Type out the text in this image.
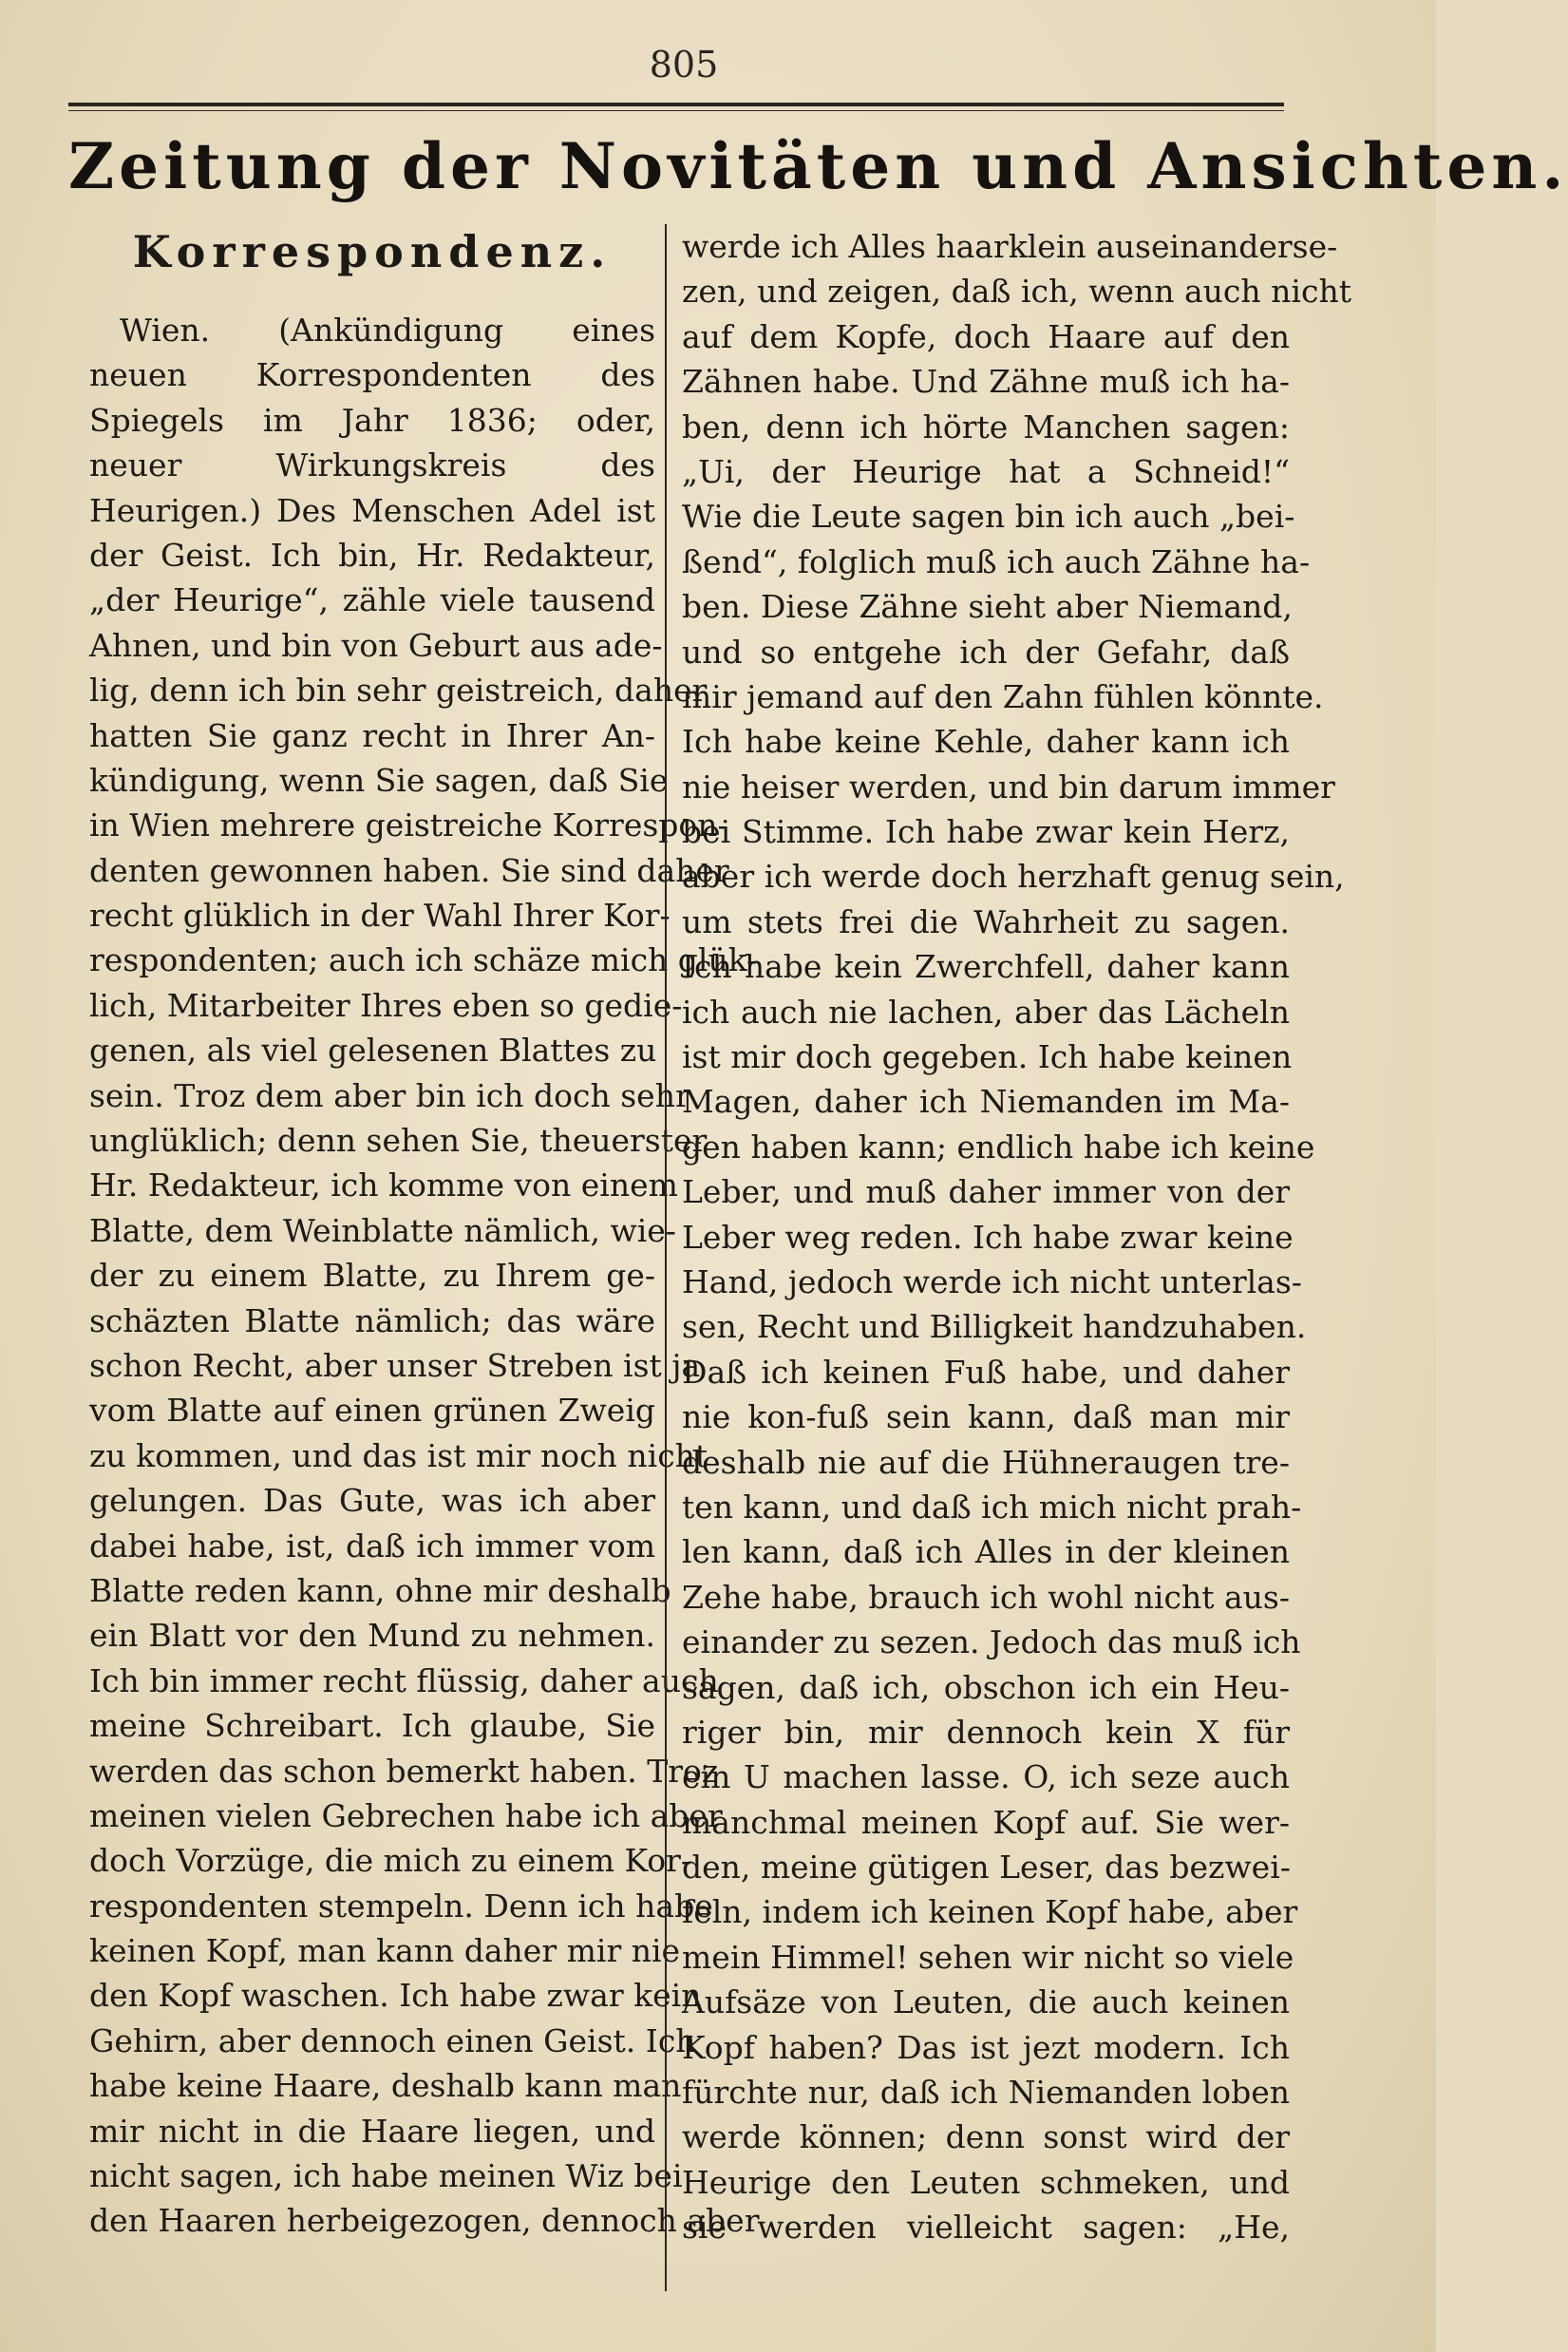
805
Zeitung der Novitäten und Ansichten.
Korrespondenz.
Wien. (Ankündigung eines
neuen Korrespondenten des
Spiegels im Jahr 1836; oder,
neuer Wirkungskreis des
Heurigen.) Des Menschen Adel ist
der Geist. Ich bin, Hr. Redakteur,
„der Heurige“, zähle viele tausend
Ahnen, und bin von Geburt aus ade-
lig, denn ich bin sehr geistreich, daher
hatten Sie ganz recht in Ihrer An-
kündigung, wenn Sie sagen, daß Sie
in Wien mehrere geistreiche Korrespon-
denten gewonnen haben. Sie sind daher
recht glüklich in der Wahl Ihrer Kor-
respondenten; auch ich schäze mich glük-
lich, Mitarbeiter Ihres eben so gedie-
genen, als viel gelesenen Blattes zu
sein. Troz dem aber bin ich doch sehr
unglüklich; denn sehen Sie, theuerster
Hr. Redakteur, ich komme von einem
Blatte, dem Weinblatte nämlich, wie-
der zu einem Blatte, zu Ihrem ge-
schäzten Blatte nämlich; das wäre
schon Recht, aber unser Streben ist ja
vom Blatte auf einen grünen Zweig
zu kommen, und das ist mir noch nicht
gelungen. Das Gute, was ich aber
dabei habe, ist, daß ich immer vom
Blatte reden kann, ohne mir deshalb
ein Blatt vor den Mund zu nehmen.
Ich bin immer recht flüssig, daher auch
meine Schreibart. Ich glaube, Sie
werden das schon bemerkt haben. Troz
meinen vielen Gebrechen habe ich aber
doch Vorzüge, die mich zu einem Kor-
respondenten stempeln. Denn ich habe
keinen Kopf, man kann daher mir nie
den Kopf waschen. Ich habe zwar kein
Gehirn, aber dennoch einen Geist. Ich
habe keine Haare, deshalb kann man
mir nicht in die Haare liegen, und
nicht sagen, ich habe meinen Wiz bei
den Haaren herbeigezogen, dennoch aber
werde ich Alles haarklein auseinanderse-
zen, und zeigen, daß ich, wenn auch nicht
auf dem Kopfe, doch Haare auf den
Zähnen habe. Und Zähne muß ich ha-
ben, denn ich hörte Manchen sagen:
„Ui, der Heurige hat a Schneid!“
Wie die Leute sagen bin ich auch „bei-
ßend“, folglich muß ich auch Zähne ha-
ben. Diese Zähne sieht aber Niemand,
und so entgehe ich der Gefahr, daß
mir jemand auf den Zahn fühlen könnte.
Ich habe keine Kehle, daher kann ich
nie heiser werden, und bin darum immer
bei Stimme. Ich habe zwar kein Herz,
aber ich werde doch herzhaft genug sein,
um stets frei die Wahrheit zu sagen.
Ich habe kein Zwerchfell, daher kann
ich auch nie lachen, aber das Lächeln
ist mir doch gegeben. Ich habe keinen
Magen, daher ich Niemanden im Ma-
gen haben kann; endlich habe ich keine
Leber, und muß daher immer von der
Leber weg reden. Ich habe zwar keine
Hand, jedoch werde ich nicht unterlas-
sen, Recht und Billigkeit handzuhaben.
Daß ich keinen Fuß habe, und daher
nie kon-fuß sein kann, daß man mir
deshalb nie auf die Hühneraugen tre-
ten kann, und daß ich mich nicht prah-
len kann, daß ich Alles in der kleinen
Zehe habe, brauch ich wohl nicht aus-
einander zu sezen. Jedoch das muß ich
sagen, daß ich, obschon ich ein Heu-
riger bin, mir dennoch kein X für
ein U machen lasse. O, ich seze auch
manchmal meinen Kopf auf. Sie wer-
den, meine gütigen Leser, das bezwei-
feln, indem ich keinen Kopf habe, aber
mein Himmel! sehen wir nicht so viele
Aufsäze von Leuten, die auch keinen
Kopf haben? Das ist jezt modern. Ich
fürchte nur, daß ich Niemanden loben
werde können; denn sonst wird der
Heurige den Leuten schmeken, und
sie werden vielleicht sagen: „He,
